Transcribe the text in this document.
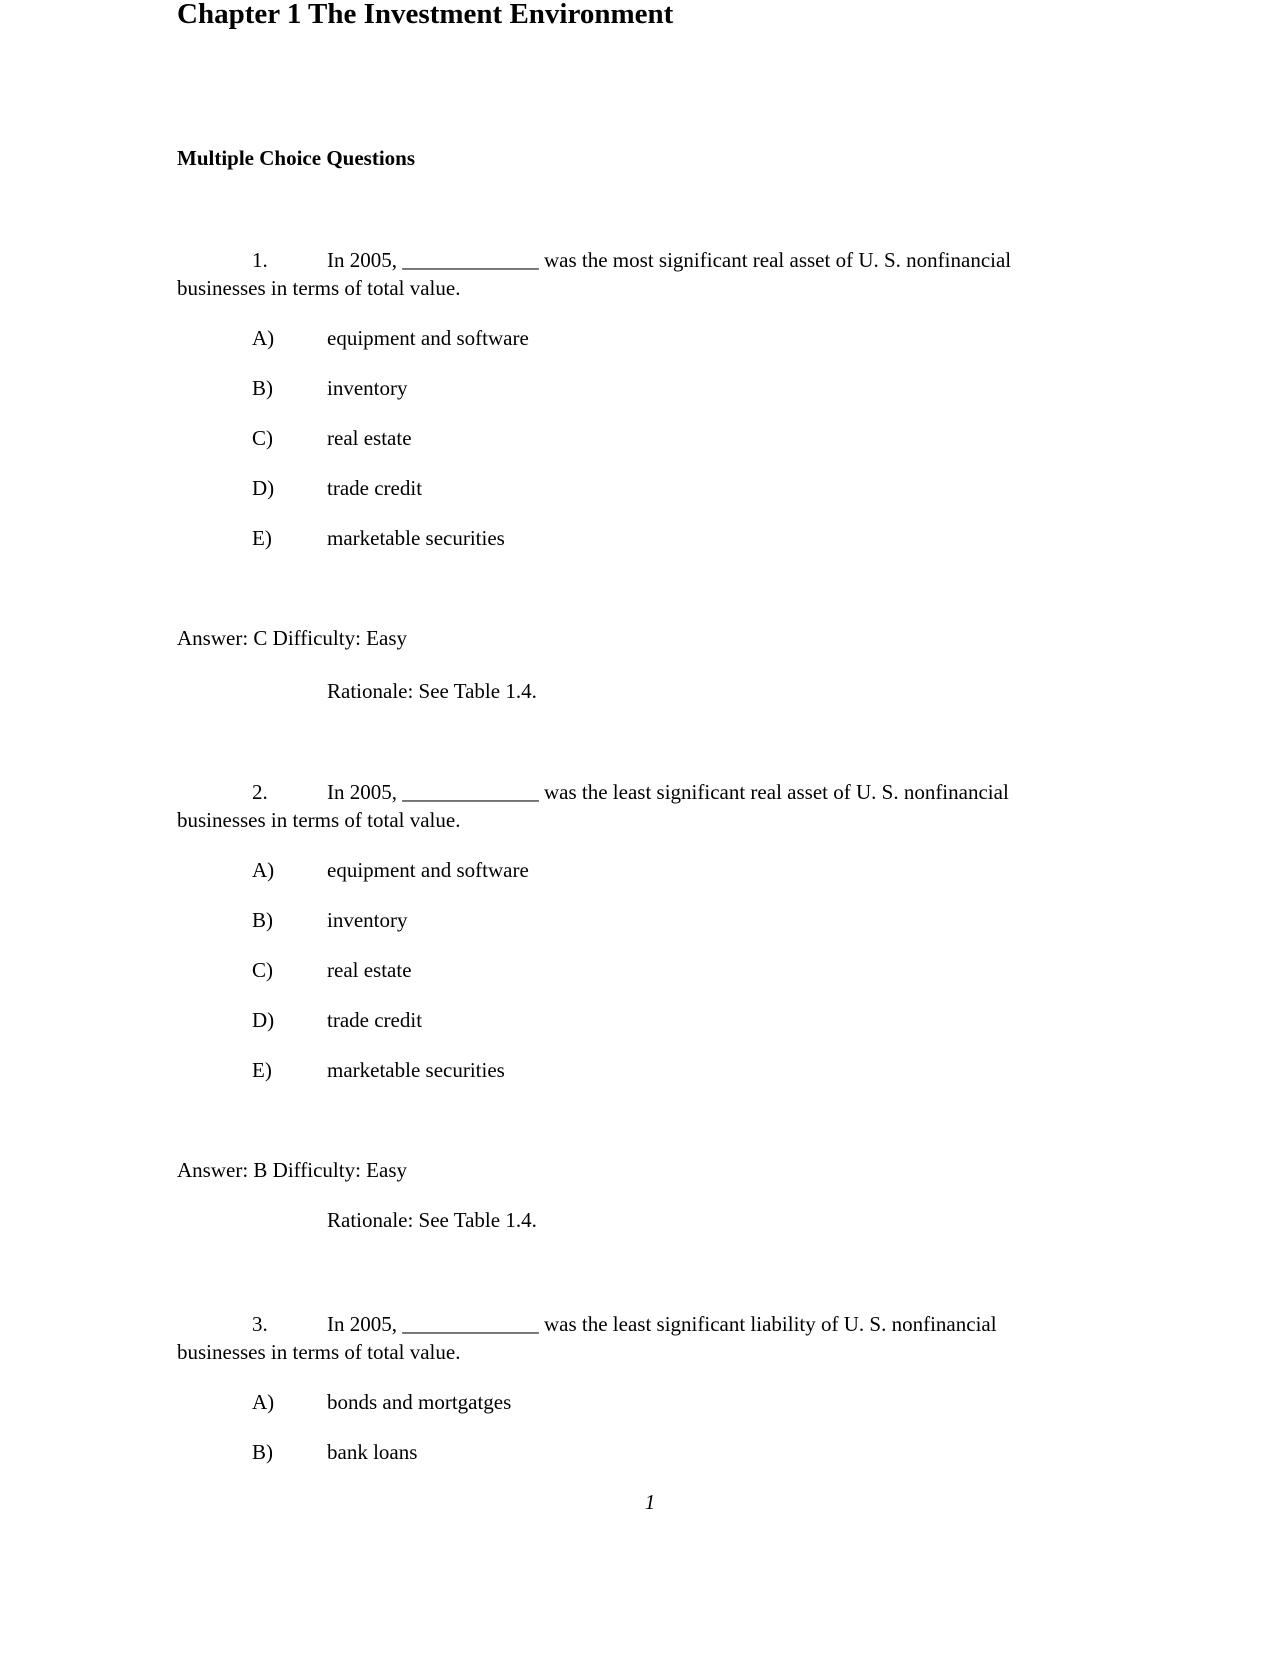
Chapter 1 The Investment Environment
Multiple Choice Questions
1.	In 2005, _____________ was the most significant real asset of U. S. nonfinancial
businesses in terms of total value.
A)	equipment and software
B)	inventory
C)	real estate
D)	trade credit
E)	marketable securities
Answer: C Difficulty: Easy
Rationale: See Table 1.4.
2.	In 2005, _____________ was the least significant real asset of U. S. nonfinancial
businesses in terms of total value.
A)	equipment and software
B)	inventory
C)	real estate
D)	trade credit
E)	marketable securities
Answer: B Difficulty: Easy
Rationale: See Table 1.4.
3.	In 2005, _____________ was the least significant liability of U. S. nonfinancial
businesses in terms of total value.
A)	bonds and mortgatges
B)	bank loans
1
